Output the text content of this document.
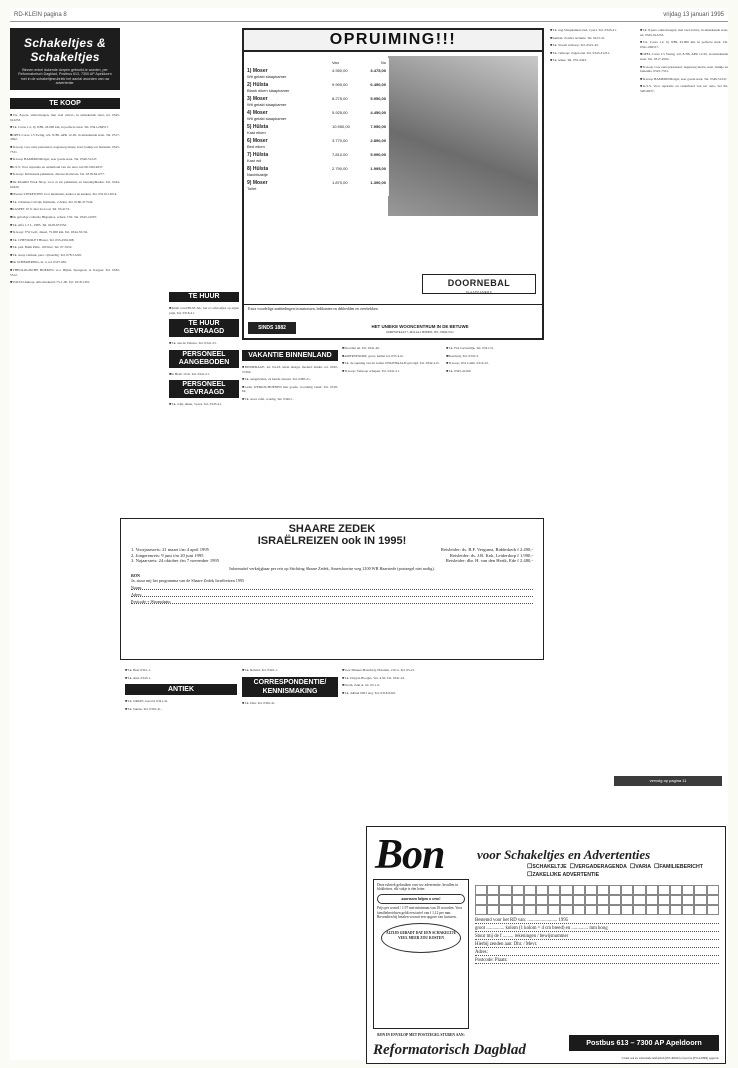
RD-KLEIN pagina 8	vrijdag 13 januari 1995
Schakeltjes & Schakeltjes
Binnen enkel dukende dorpen gebruikt-ie worden, per Reformatorisch Dagblad, Postbus 613, 7300 AP Apeldoorn met in de schakeltjesrubriek het aantal woorden van uw advertentie.
TE KOOP
■ T.k. 8-pers. stationwagen, met veel extra's, in uitstekende staat, tel. 0345-612233.
■ T.k. Corsa 1.2, bj. 8/89, 43.000 km, in perfecte staat. Tel. 0341-266517.
■ OPEL Corsa 1.5 Swing, wit, 8-'86, APK 12-95, in uitstekende staat. Tel. 0317-4562.
■ Te koop voor eens parnasstel, nagenoeg nieuw, kast, bankje en fauteuils. 0525-7531.
■ Te koop HAMMONDorgel, zeer goede staat. Tel. 0346-51247.
■ K.S.S. Voor reparatie en onderhoud van uw auto, bel 06-52014637.
■ Te koop: Kruissteek pakketten, diverse motieven. Tel. 0318-641277.
■ De PAARD Work Shop, voor al uw pakketten en benodigdheden. Tel. 0344-61829.
■ Diverse STEKPOTEN voor meubelen, kantoor en keuken. Tel. 05210-12014.
■ T.k. Johannes Calvijn, Institutie, 2 delen. Tel. 0180-317542.
■ KASPET 10 ft. met los lood. Tel. 05.4174.
■ De gelovige collectie Hispanica, schaal 1:50. Tel. 0345-21007.
■ T.k. Alfa 1.3 L, 1985. Tel. 0418-672332.
■ Te koop: VW Golf, diesel, 75.000 km. Tel. 0344-55132.
■ T.k. CHEVROLET Blazer. Tel. 033-4561298.
■ T.k. ped. Balm Pelle, 100 liter. Tel. 07-3552.
■ T.k. stoep verhuur, pers. rijvaardig. Tel. 078-51220.
■ De SCHEMERING, nr. 2, tel. 0527-681.
■ THEOLOGISCHE BOEKEN, w.o. Bijbel, Spurgeon, A. Kuyper. Tel. 0182-5312.
■ VOLVO-Inkoop. Alle merken 0-75-1-00. Tel. 0318-1301.
TE HUUR
■ Jubelt rond 88-95 Jul., het zo schroefjes op eigen prijs. Tel. 0318-41.
TE HUUR GEVRAAGD
■ T.k. aan de Veluwe. Tel. 0341-23.
PERSONEEL AANGEBODEN
■ In Hetd: 10 m. Tel. 0341-21.
PERSONEEL GEVRAAGD
■ T.k. wijn, eiken, 3 pers. Tel. 0345-41.
OPRUIMING!!!
Van	Nu
1) Moser
Wit gelakt slaapkamer
4.950,00	3.475,00
2) Hülsta
Blank eiken slaapkamer
9.990,00	6.450,00
3) Moser
Wit gelakt slaapkamer
8.275,00	5.950,00
4) Moser
Wit gelakt slaapkamer
5.925,00	4.450,00
5) Hülsta
Kast eiken
10.950,00	7.950,00
6) Moser
Bed eiken
3.770,00	2.890,00
7) Hülsta
Kast wit
7.810,00	5.990,00
8) Hülsta
Nachtkastje
2.790,00	1.995,00
9) Moser
Toilet
1.870,00	1.390,00
DOORNEBAL
SLAAPKAMERS
Extra voordelige aanbiedingen in matrassen, ledikanten en dekbedden en overhekken.
SINDS 1882	HET UNIEKE WOONCENTRUM IN DE BETUWE
DORPSSTRAAT 7, 4024 AA LIENDEN, TEL. 03490-3312
VAKANTIE BINNENLAND
■ BINDERAGE, tel. 04-43, klein design, modern ladder, tel. 0182-57204.
■ T.k. aangeboden, 2e hands, bureau. Tel. 0485-21.
■ Leder WERKSCHOENEN met goede, voordelig vanaf. Tel. 0318-62.
■ T.k. stoel, tafel, 4-delig. Tel. 0340-1.
■ Noorden tel. Tel. 0341-40.
■ AMERSFOORT, groot, kamer tel. 033-412.
■ T.k. de opening van de zomer ONGEHAALD gevolgd. Tel. 0342-415.
■ Te koop: Verkoop schapen. Tel. 0341-51.
■ T.k. Fiat Gevaarlijk. Tel. 0341-51.
■ Boerderij, Tel. 0345-3.
■ Te koop, Wol Lamb. 0314-22.
■ T.k. 0345-41200.
■ T.k. nog Slaapkamers bed, 2 pers. Tel. 0345-41.
■ Sanitair. Zonder reclame. Tel. 0413-31.
■ T.k. Stoom verkoop. Tel. 0521-43.
■ T.k. verkoop: Zagen enz. Tel. 0345-41231.
■ T.k. leuke. Tel. 055-4343.
■ T.k. 8-pers. stationwagen, met veel extra's, in uitstekende staat, tel. 0345-612233.
■ T.k. Corsa 1.2, bj. 8/89, 43.000 km, in perfecte staat. Tel. 0341-266517.
■ OPEL Corsa 1.5 Swing, wit, 8-'86, APK 12-95, in uitstekende staat. Tel. 0317-4562.
■ Te koop voor eens parnasstel, nagenoeg nieuw, kast, bankje en fauteuils. 0525-7531.
■ Te koop HAMMONDorgel, zeer goede staat. Tel. 0346-51247.
■ K.S.S. Voor reparatie en onderhoud van uw auto, bel 06-52014637.
vervolg op pagina 11
SHAARE ZEDEK
ISRAËLREIZEN ook IN 1995!
1. Voorjaarsreis: 21 maart t/m 4 april 1995	Reisleider: ds. B.F. Vergunst, Ridderkerk f 2.490,-
2. Jongerenreis: 9 juni t/m 20 juni 1995	Reisleider: ds. J.R. Kok, Leiderdorp f 1.990,-
3. Najaarsreis: 24 oktober t/m 7 november 1995	Reisleider: dhr. H. van den Herik, Ede f 2.480,-
Informatief verkrijgbaar per reis op Stichting Shaare Zedek, Amersfoortse weg 2100 WB Haarstede (postzegel niet nodig).
BON
Ja, stuur mij het programma van de Shaare Zedek Israëlreizen 1995
Naam:
Adres:
Postcode + Woonplaats:
■ T.k. Beer 0341-1.
■ T.k. Anti. 0345-1.
ANTIEK
■ T.k. ORGEL Gerard. 0341-41.
■ T.k. lakens. Tel. 0345-41.
■ T.k. Rebeld. Tel. 0345-1.
CORRESPONDENTIE/ KENNISMAKING
■ T.k. Dan. Tel. 0345-41.
■ Voor Meneer-Boerderij, Holstein, 150 st. Tel. 05-21.
■ T.k. Dragon Bootjes, Ver. 4.50. Tel. 0341-22.
■ Strom. Zakt A. tel. 05-111.
■ T.k. dubbel 0001 nog. Tel. 0318-6410.
Bon	voor Schakeltjes en Advertenties
☐ SCHAKELTJE ☐ VERGADERAGENDA ☐ VARIA ☐ FAMILIEBERICHT☐ ZAKELIJKE ADVERTENTIE
Deze rubriek gebruiken voor uw advertentie. Invullen in blokletters, elk vakje is één letter.
aanrussen helpen u wens!
Prijs per woord / 1.97 met minimum van 10 woorden. Voor familieberichten geldt een tarief van f 1,12 per mm. Bovendien bij betalen vooruit een opgave van facturen.
ALTIJD GEBADT DAT EEN SCHAKELTJE VEEL MEER ZOU KOSTEN
Bestemd voor het RD van: ......................... 1995
groot ............... kolom (1 kolom = 4 cm breed) en .............. mm hoog
Stuur mij de f ......... rekeningen / bewijsnummer
Hierbij zenden aan: Dhr. / Mevr.
Adres:
Postcode: Plaats:
BON IN ENVELOP MET POSTZEGEL STUREN AAN:
Reformatorisch Dagblad	Postbus 613 – 7300 AP Apeldoorn
U kunt ook uw advertentie telefonisch (055-490222) of per fax (055-410800) opgeven.
